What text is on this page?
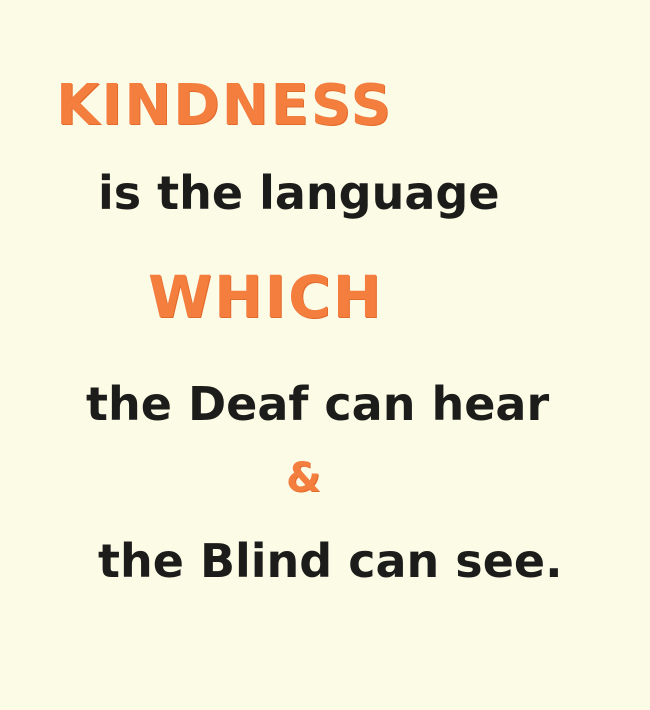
KINDNESS
is the language
WHICH
the Deaf can hear
&
the Blind can see.
